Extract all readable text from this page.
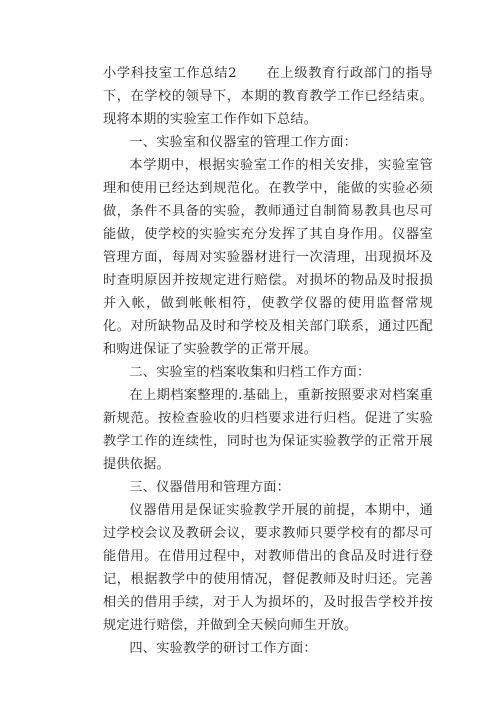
小学科技室工作总结2 在上级教育行政部门的指导下，在学校的领导下，本期的教育教学工作已经结束。现将本期的实验室工作作如下总结。

一、实验室和仪器室的管理工作方面：

本学期中，根据实验室工作的相关安排，实验室管理和使用已经达到规范化。在教学中，能做的实验必须做，条件不具备的实验，教师通过自制简易教具也尽可能做，使学校的实验实充分发挥了其自身作用。仪器室管理方面，每周对实验器材进行一次清理，出现损坏及时查明原因并按规定进行赔偿。对损坏的物品及时报损并入帐，做到帐帐相符，使教学仪器的使用监督常规化。对所缺物品及时和学校及相关部门联系，通过匹配和购进保证了实验教学的正常开展。

二、实验室的档案收集和归档工作方面：

在上期档案整理的.基础上，重新按照要求对档案重新规范。按检查验收的归档要求进行归档。促进了实验教学工作的连续性，同时也为保证实验教学的正常开展提供依据。

三、仪器借用和管理方面：

仪器借用是保证实验教学开展的前提，本期中，通过学校会议及教研会议，要求教师只要学校有的都尽可能借用。在借用过程中，对教师借出的食品及时进行登记，根据教学中的使用情况，督促教师及时归还。完善相关的借用手续，对于人为损坏的，及时报告学校并按规定进行赔偿，并做到全天候向师生开放。

四、实验教学的研讨工作方面：
